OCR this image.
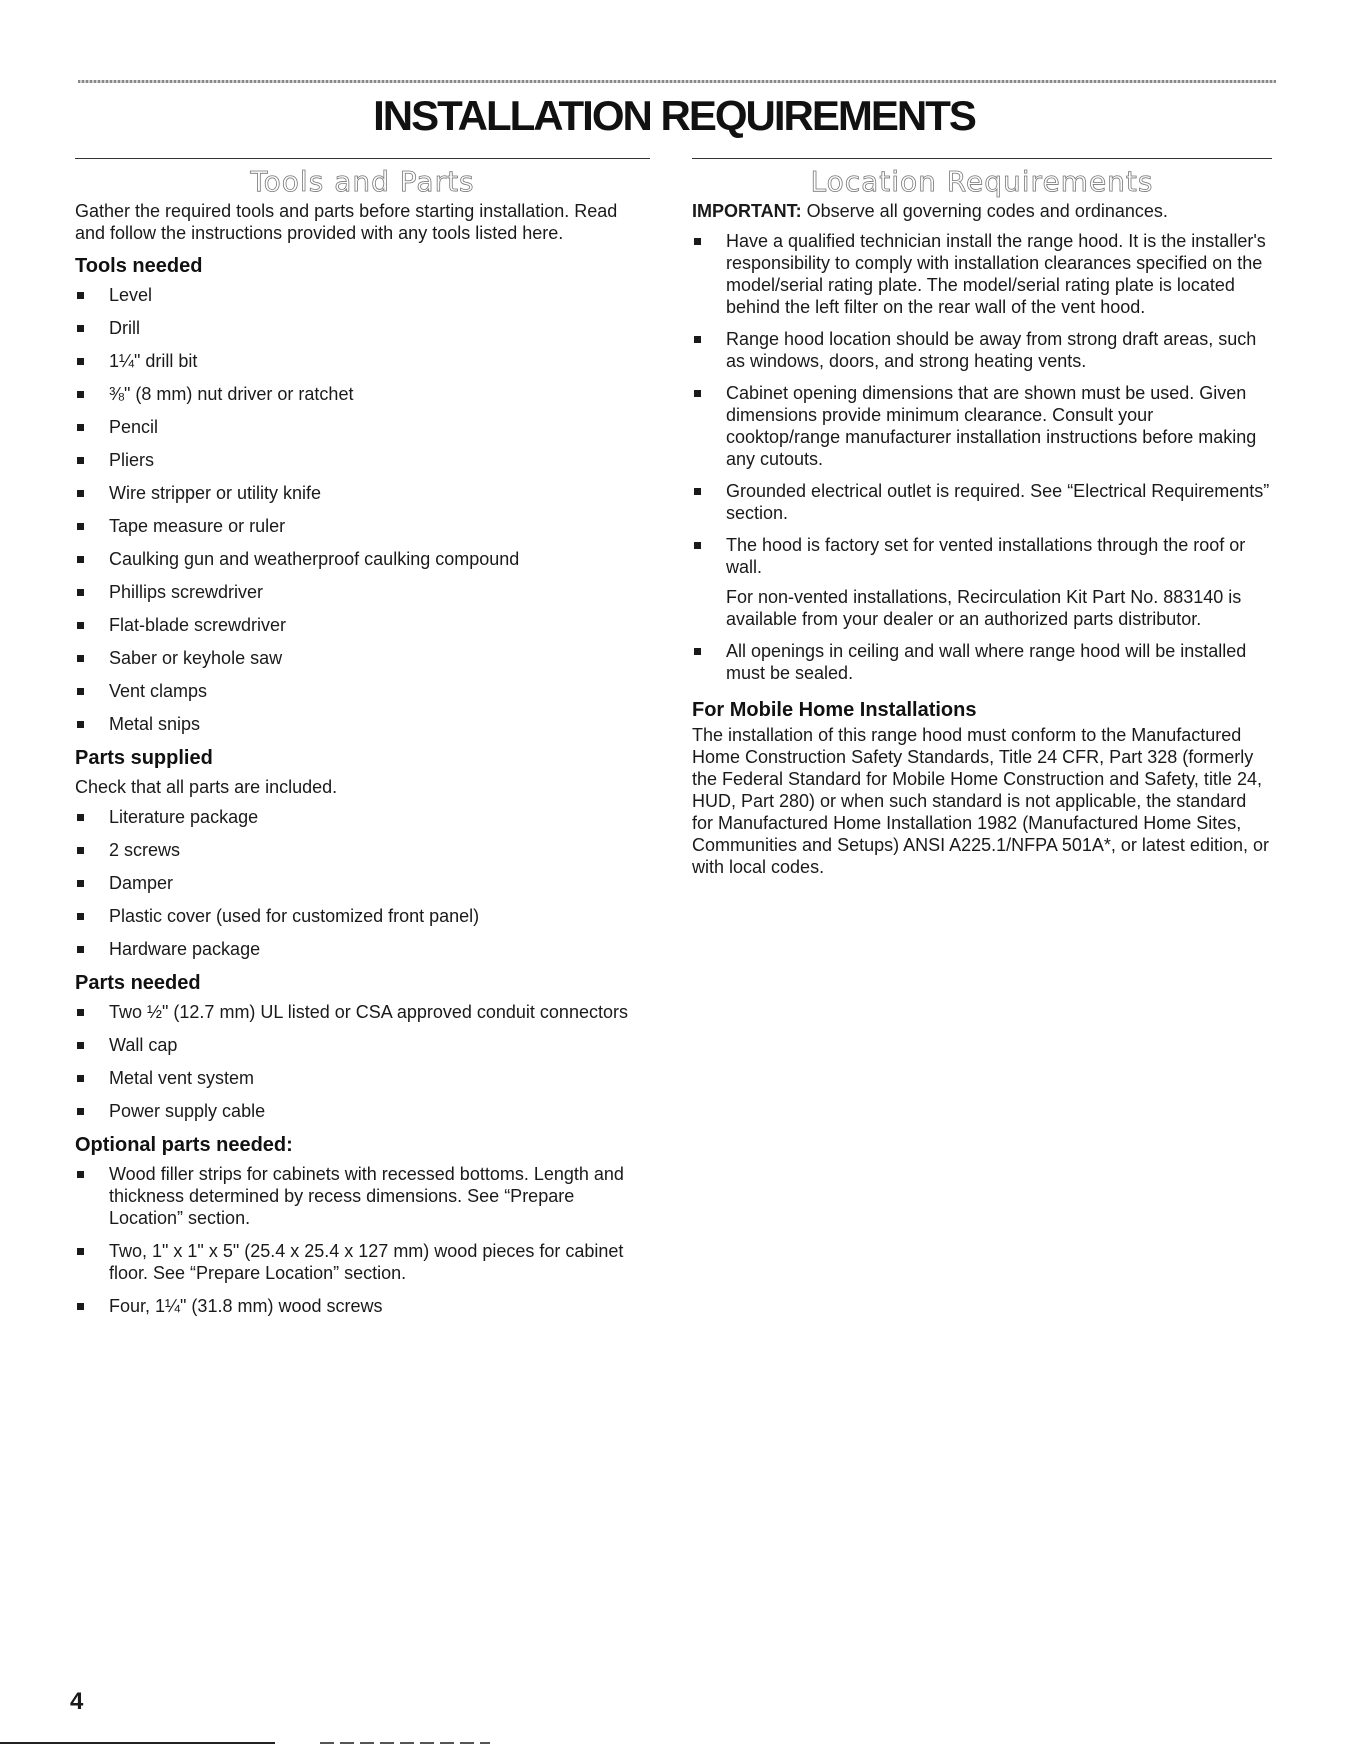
INSTALLATION REQUIREMENTS
Tools and Parts

Gather the required tools and parts before starting installation. Read and follow the instructions provided with any tools listed here.

Tools needed
Level
Drill
1¼" drill bit
⅜" (8 mm) nut driver or ratchet
Pencil
Pliers
Wire stripper or utility knife
Tape measure or ruler
Caulking gun and weatherproof caulking compound
Phillips screwdriver
Flat-blade screwdriver
Saber or keyhole saw
Vent clamps
Metal snips
Parts supplied

Check that all parts are included.

Literature package
2 screws
Damper
Plastic cover (used for customized front panel)
Hardware package
Parts needed
Two ½" (12.7 mm) UL listed or CSA approved conduit connectors
Wall cap
Metal vent system
Power supply cable
Optional parts needed:
Wood filler strips for cabinets with recessed bottoms. Length and thickness determined by recess dimensions. See “Prepare Location” section.
Two, 1" x 1" x 5" (25.4 x 25.4 x 127 mm) wood pieces for cabinet floor. See “Prepare Location” section.
Four, 1¼" (31.8 mm) wood screws
Location Requirements

IMPORTANT: Observe all governing codes and ordinances.

Have a qualified technician install the range hood. It is the installer's responsibility to comply with installation clearances specified on the model/serial rating plate. The model/serial rating plate is located behind the left filter on the rear wall of the vent hood.
Range hood location should be away from strong draft areas, such as windows, doors, and strong heating vents.
Cabinet opening dimensions that are shown must be used. Given dimensions provide minimum clearance. Consult your cooktop/range manufacturer installation instructions before making any cutouts.
Grounded electrical outlet is required. See “Electrical Requirements” section.
The hood is factory set for vented installations through the roof or wall.

For non-vented installations, Recirculation Kit Part No. 883140 is available from your dealer or an authorized parts distributor.

All openings in ceiling and wall where range hood will be installed must be sealed.
For Mobile Home Installations

The installation of this range hood must conform to the Manufactured Home Construction Safety Standards, Title 24 CFR, Part 328 (formerly the Federal Standard for Mobile Home Construction and Safety, title 24, HUD, Part 280) or when such standard is not applicable, the standard for Manufactured Home Installation 1982 (Manufactured Home Sites, Communities and Setups) ANSI A225.1/NFPA 501A*, or latest edition, or with local codes.

4
